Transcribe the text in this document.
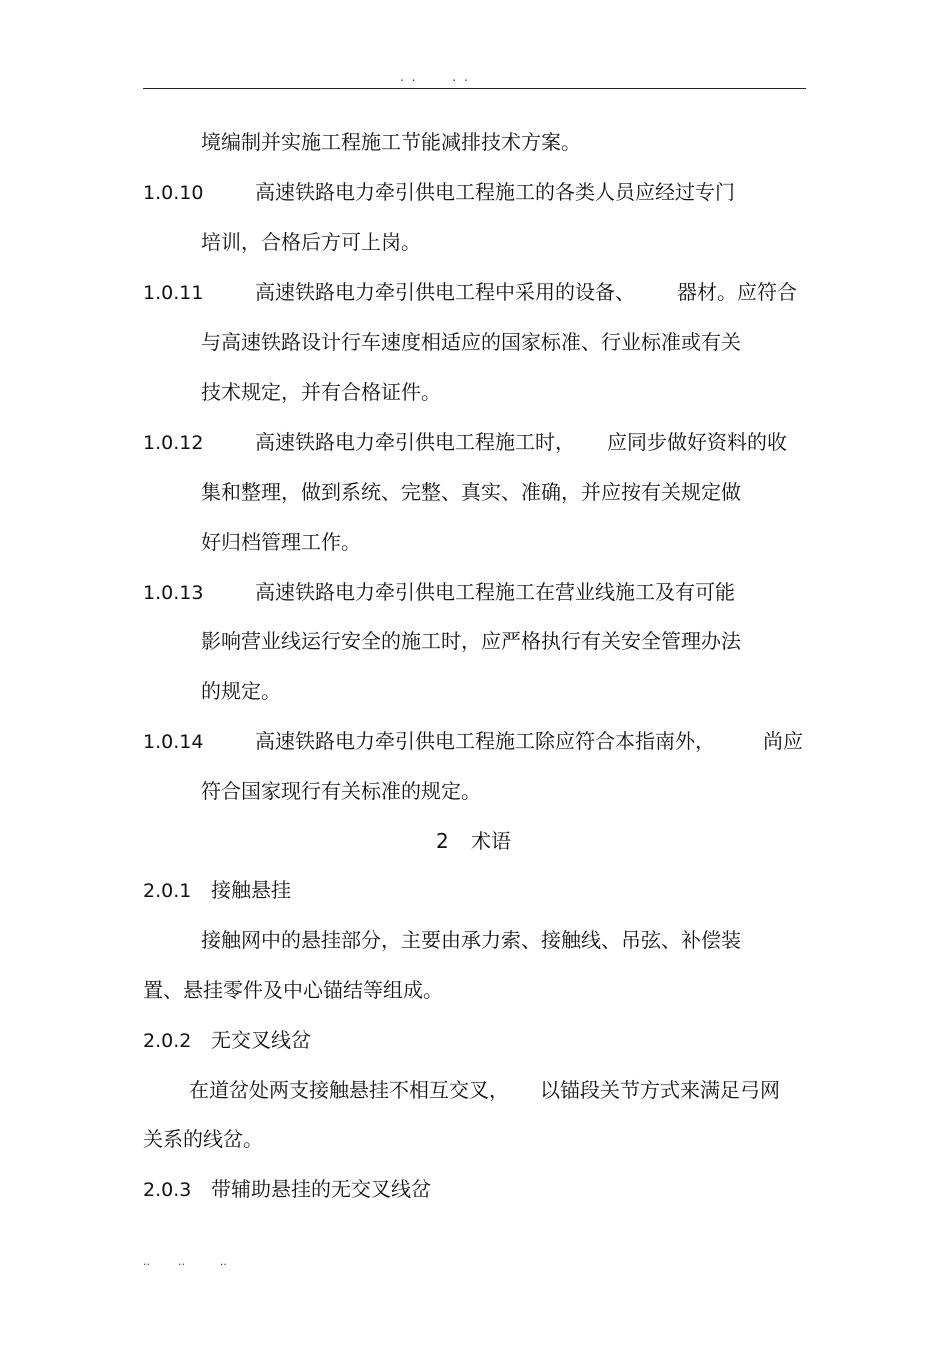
. .      . .
境编制并实施工程施工节能减排技术方案。
1.0.10	高速铁路电力牵引供电工程施工的各类人员应经过专门
培训，合格后方可上岗。
1.0.11	高速铁路电力牵引供电工程中采用的设备、 器材。应符合
与高速铁路设计行车速度相适应的国家标准、行业标准或有关
技术规定，并有合格证件。
1.0.12	高速铁路电力牵引供电工程施工时， 应同步做好资料的收
集和整理，做到系统、完整、真实、准确，并应按有关规定做
好归档管理工作。
1.0.13	高速铁路电力牵引供电工程施工在营业线施工及有可能
影响营业线运行安全的施工时，应严格执行有关安全管理办法
的规定。
1.0.14	高速铁路电力牵引供电工程施工除应符合本指南外， 尚应
符合国家现行有关标准的规定。
2 术语
2.0.1 接触悬挂
接触网中的悬挂部分，主要由承力索、接触线、吊弦、补偿装
置、悬挂零件及中心锚结等组成。
2.0.2 无交叉线岔
在道岔处两支接触悬挂不相互交叉， 以锚段关节方式来满足弓网
关系的线岔。
2.0.3 带辅助悬挂的无交叉线岔
..        ..          ..
